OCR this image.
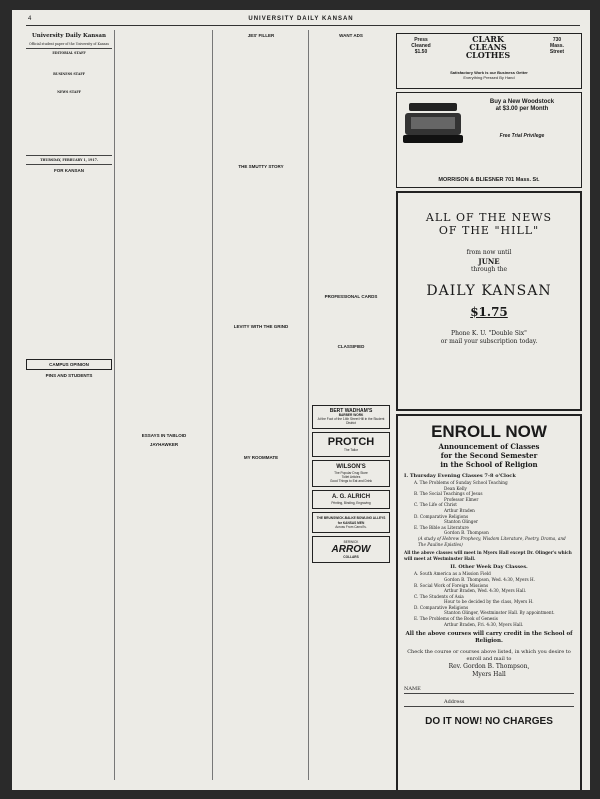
4	UNIVERSITY DAILY KANSAN
University Daily Kansan
Official student paper of the University of Kansas
EDITORIAL STAFF
BUSINESS STAFF
NEWS STAFF
THURSDAY, FEBRUARY 1, 1917.
FOR KANSAN
CAMPUS OPINION
PINS AND STUDENTS
ESSAYS IN TABLOID
JAYHAWKER
JES' FILLER
THE SMUTTY STORY
LEVITY WITH THE GRIND
MY ROOMMATE
WANT ADS
PROFESSIONAL CARDS
CLASSIFIED
BERT WADHAM'S
BARBER WORK
At the Foot of the 14th Street Hill in the Student District
PROTCH
The Tailor
WILSON'S
The Popular Drug Store
Toilet Articles
Good Things to Eat and Drink
A. G. ALRICH
Printing, Binding, Engraving
THE BRUNSWICK-BALKE BOWLING ALLEYS
for KANSAS MEN
Across From Carroll's.
BERWICK
ARROW
COLLARS
Press
Cleaned
$1.50
CLARK
CLEANS
CLOTHES
730
Mass.
Street
Satisfactory Work is our Business Getter
Everything Pressed By Hand
Buy a New Woodstock
at $3.00 per Month
Free Trial Privilege
MORRISON & BLIESNER 701 Mass. St.
ALL OF THE NEWS
OF THE "HILL"
from now until
JUNE
through the
DAILY KANSAN
$1.75
Phone K. U. "Double Six"
or mail your subscription today.
ENROLL NOW
Announcement of Classes
for the Second Semester
in the School of Religion
I. Thursday Evening Classes 7-8 o'Clock
A. The Problems of Sunday School Teaching
Dean Kelly
B. The Social Teachings of Jesus
Professor Elmer
C. The Life of Christ
Arthur Braden
D. Comparative Religions
Stanton Olinger
E. The Bible as Literature
Gordon B. Thompson
(A study of Hebrew Prophecy, Wisdom Literature, Poetry, Drama, and The Pauline Epistles)
All the above classes will meet in Myers Hall except Dr. Olinger's which will meet at Westminster Hall.
II. Other Week Day Classes.
A. South America as a Mission Field
Gordon B. Thompson, Wed. 4:30, Myers H.
B. Social Work of Foreign Missions
Arthur Braden, Wed. 4:30, Myers Hall.
C. The Students of Asia
Hour to be decided by the class, Myers H.
D. Comparative Religions
Stanton Olinger, Westminster Hall. By appointment.
E. The Problems of the Book of Genesis
Arthur Braden, Fri. 4:30, Myers Hall.
All the above courses will carry credit in the School of Religion.
Check the course or courses above listed, in which you desire to enroll and mail to
Rev. Gordon B. Thompson,
Myers Hall
NAME
Address
DO IT NOW! NO CHARGES
